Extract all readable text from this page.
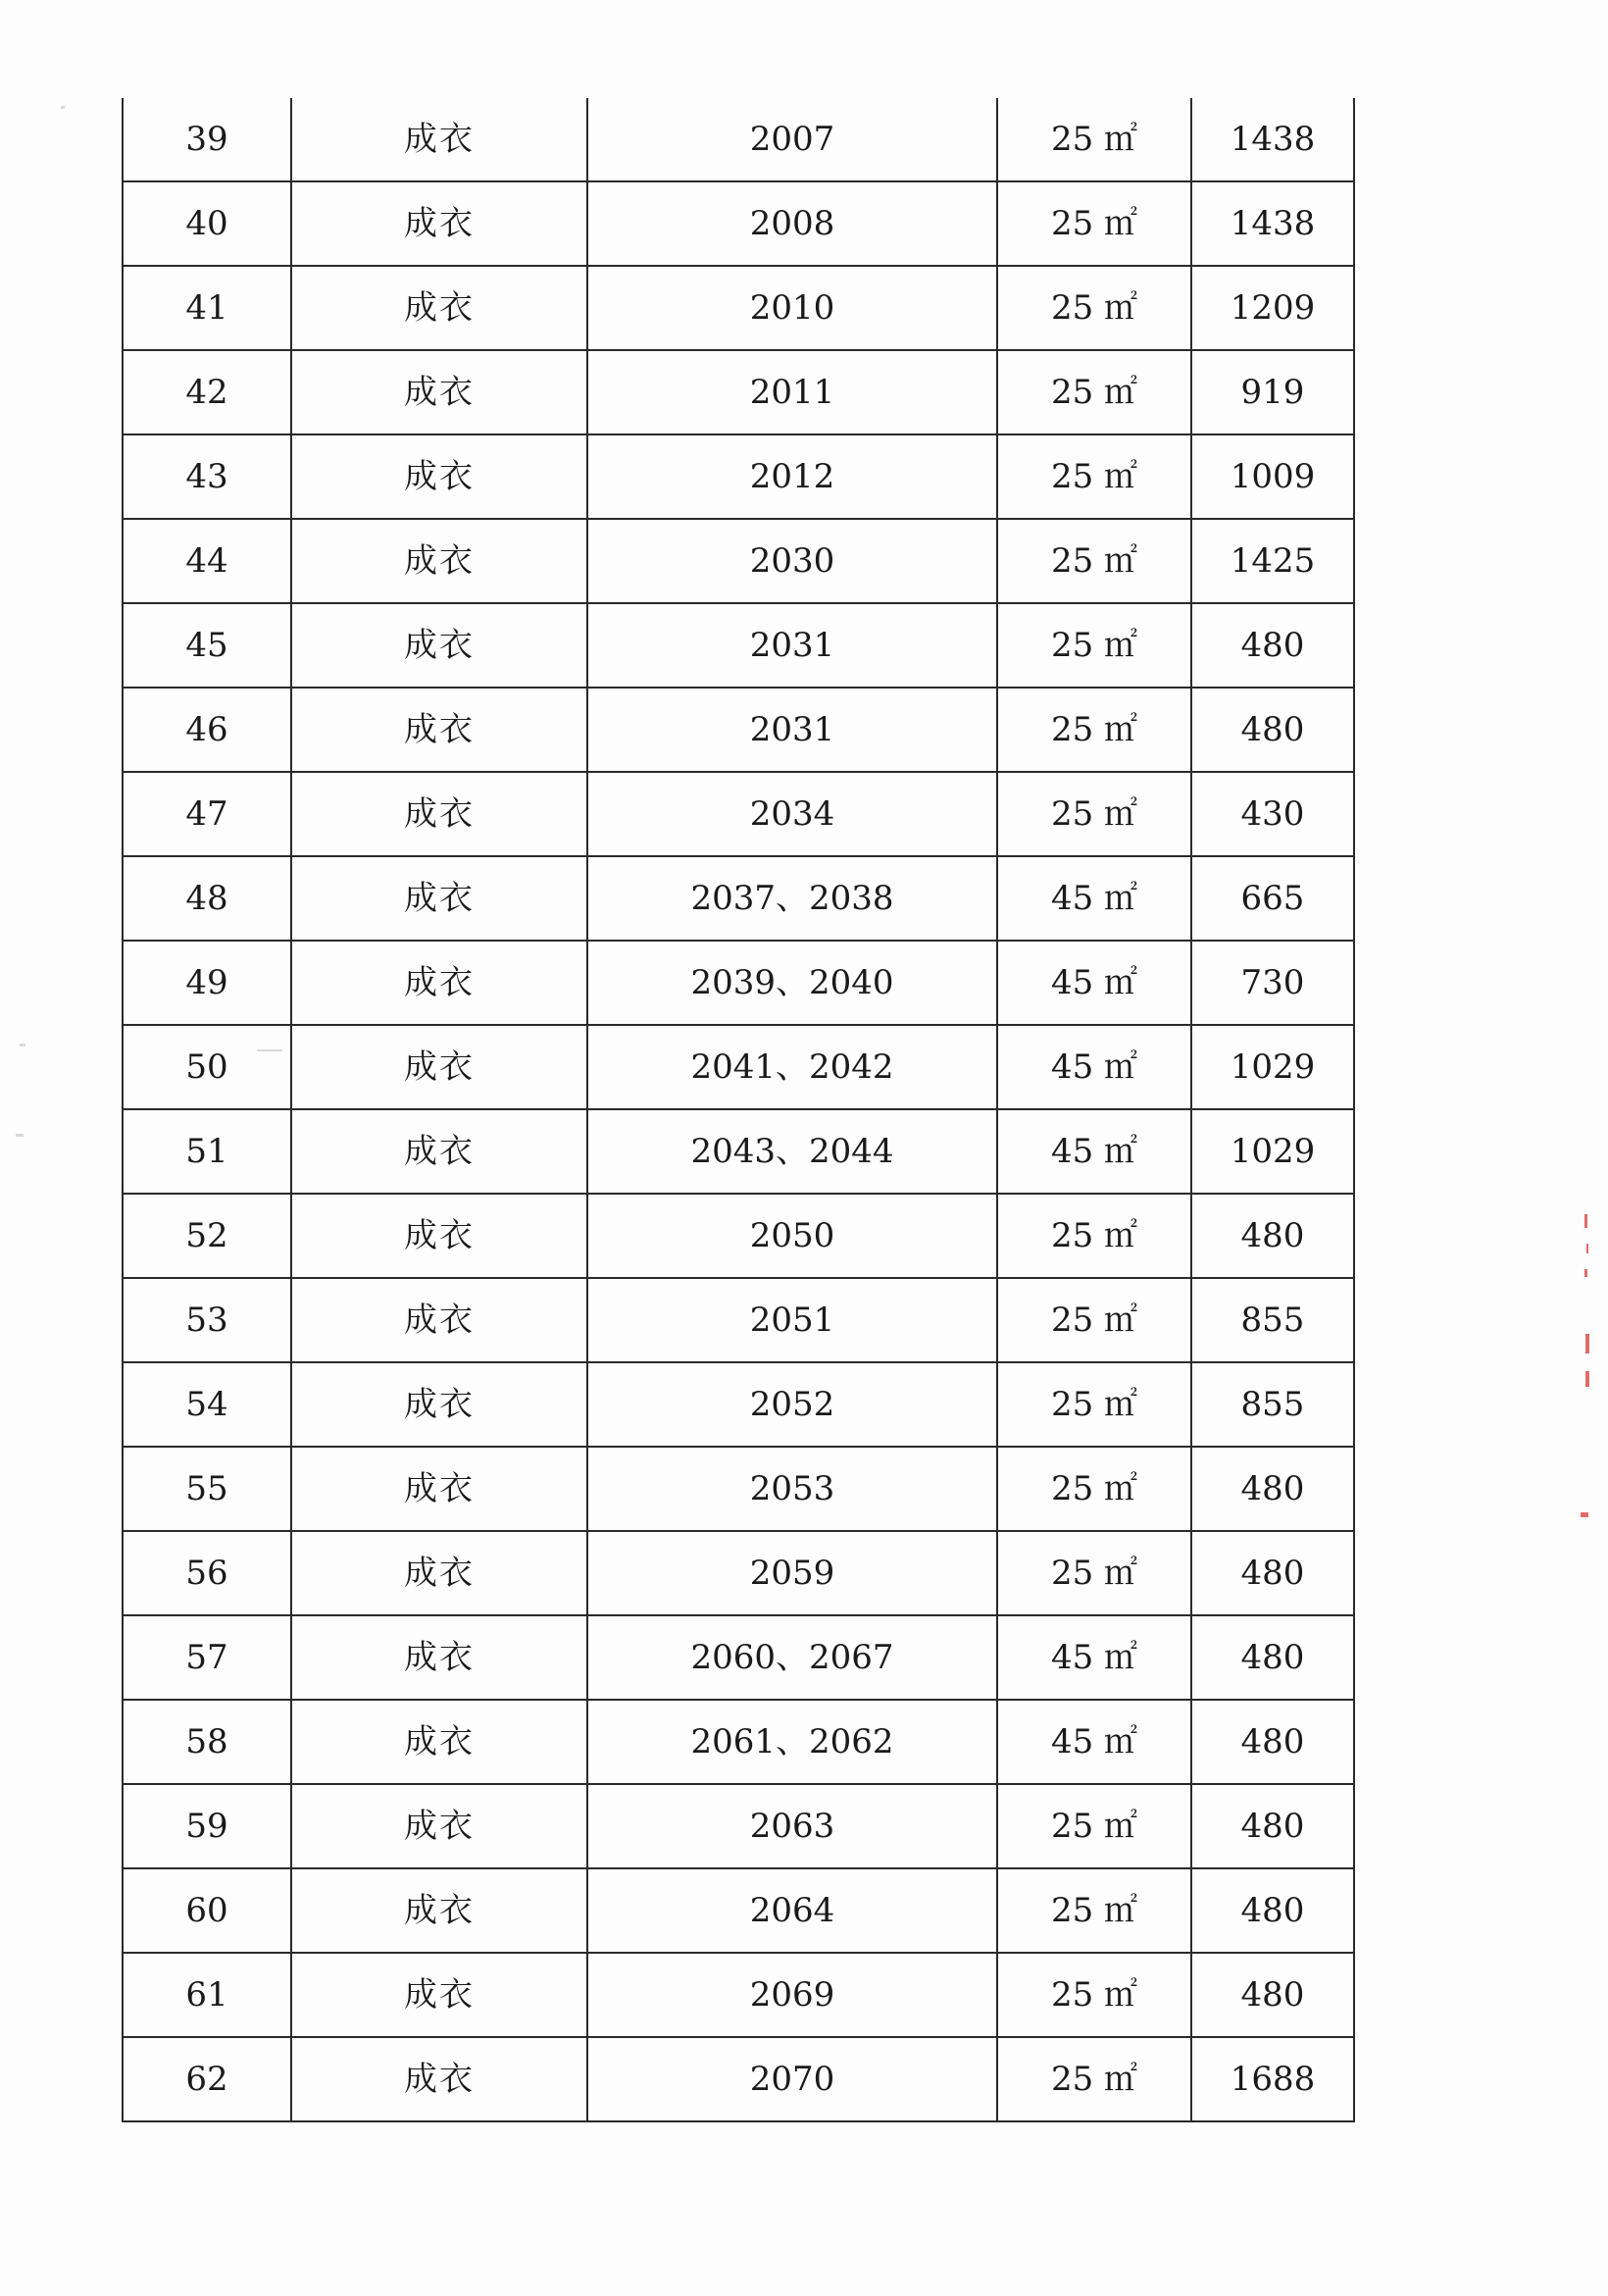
39	成衣	2007	25 ㎡	1438
40	成衣	2008	25 ㎡	1438
41	成衣	2010	25 ㎡	1209
42	成衣	2011	25 ㎡	919
43	成衣	2012	25 ㎡	1009
44	成衣	2030	25 ㎡	1425
45	成衣	2031	25 ㎡	480
46	成衣	2031	25 ㎡	480
47	成衣	2034	25 ㎡	430
48	成衣	2037、2038	45 ㎡	665
49	成衣	2039、2040	45 ㎡	730
50	成衣	2041、2042	45 ㎡	1029
51	成衣	2043、2044	45 ㎡	1029
52	成衣	2050	25 ㎡	480
53	成衣	2051	25 ㎡	855
54	成衣	2052	25 ㎡	855
55	成衣	2053	25 ㎡	480
56	成衣	2059	25 ㎡	480
57	成衣	2060、2067	45 ㎡	480
58	成衣	2061、2062	45 ㎡	480
59	成衣	2063	25 ㎡	480
60	成衣	2064	25 ㎡	480
61	成衣	2069	25 ㎡	480
62	成衣	2070	25 ㎡	1688
